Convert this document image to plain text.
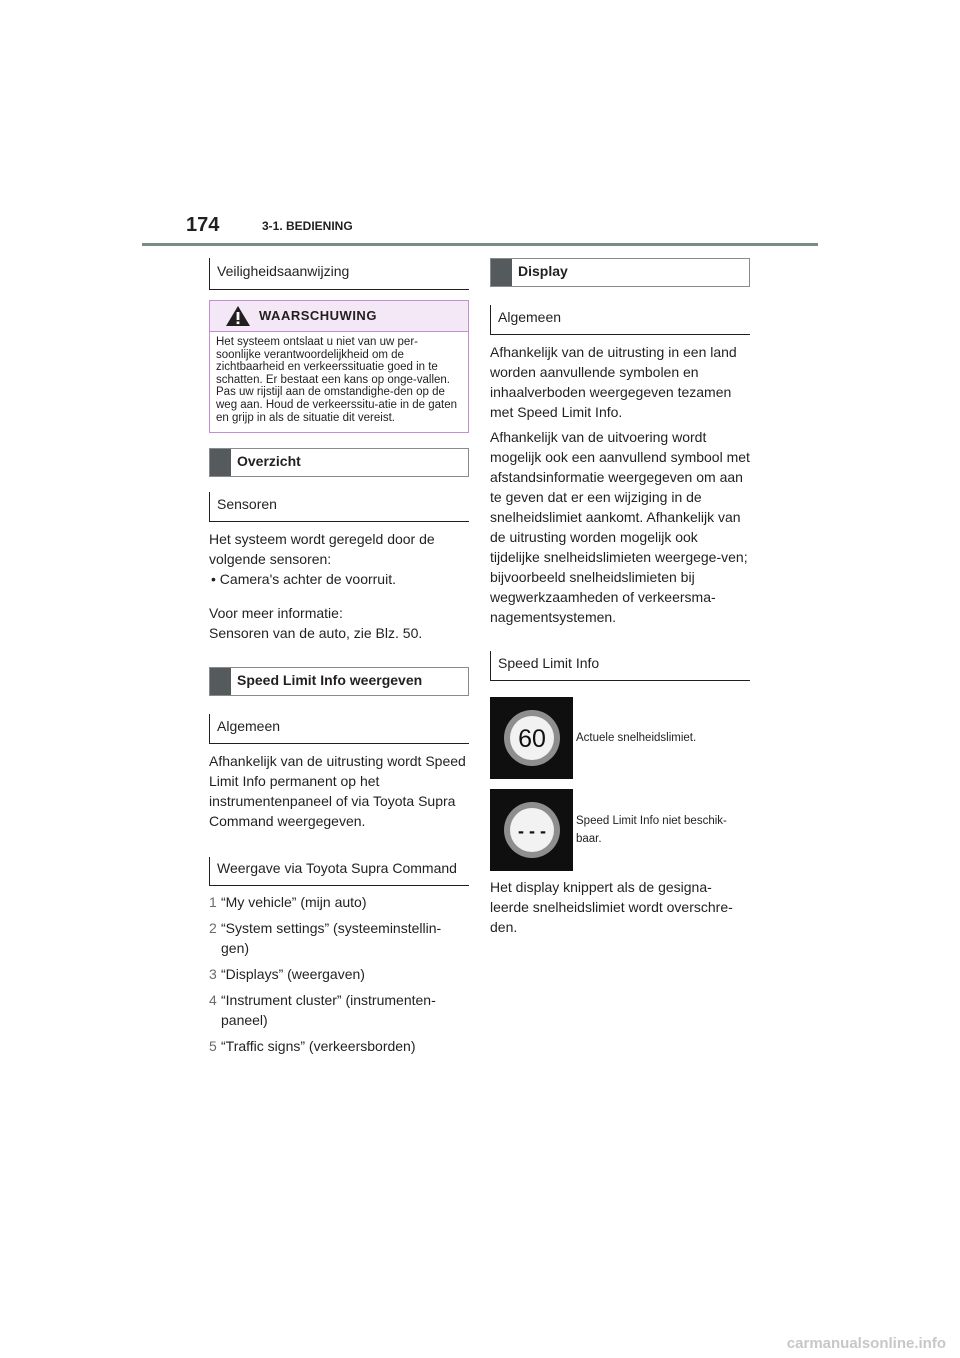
174	3-1. BEDIENING
Veiligheidsaanwijzing
WAARSCHUWING
Het systeem ontslaat u niet van uw per-soonlijke verantwoordelijkheid om de zichtbaarheid en verkeerssituatie goed in te schatten. Er bestaat een kans op onge-vallen. Pas uw rijstijl aan de omstandighe-den op de weg aan. Houd de verkeerssitu-atie in de gaten en grijp in als de situatie dit vereist.
Overzicht
Sensoren

Het systeem wordt geregeld door de volgende sensoren:

• Camera's achter de voorruit.

Voor meer informatie:

Sensoren van de auto, zie Blz. 50.

Speed Limit Info weergeven
Algemeen

Afhankelijk van de uitrusting wordt Speed Limit Info permanent op het instrumentenpaneel of via Toyota Supra Command weergegeven.

Weergave via Toyota Supra Command
1 “My vehicle” (mijn auto)
2 “System settings” (systeeminstellin-gen)
3 “Displays” (weergaven)
4 “Instrument cluster” (instrumenten-paneel)
5 “Traffic signs” (verkeersborden)
Display
Algemeen

Afhankelijk van de uitrusting in een land worden aanvullende symbolen en inhaalverboden weergegeven tezamen met Speed Limit Info.

Afhankelijk van de uitvoering wordt mogelijk ook een aanvullend symbool met afstandsinformatie weergegeven om aan te geven dat er een wijziging in de snelheidslimiet aankomt. Afhankelijk van de uitrusting worden mogelijk ook tijdelijke snelheidslimieten weergege-ven; bijvoorbeeld snelheidslimieten bij wegwerkzaamheden of verkeersma-nagementsystemen.

Speed Limit Info
60	Actuele snelheidslimiet.
- - -	Speed Limit Info niet beschik-baar.

Het display knippert als de gesigna-leerde snelheidslimiet wordt overschre-den.

carmanualsonline.info
